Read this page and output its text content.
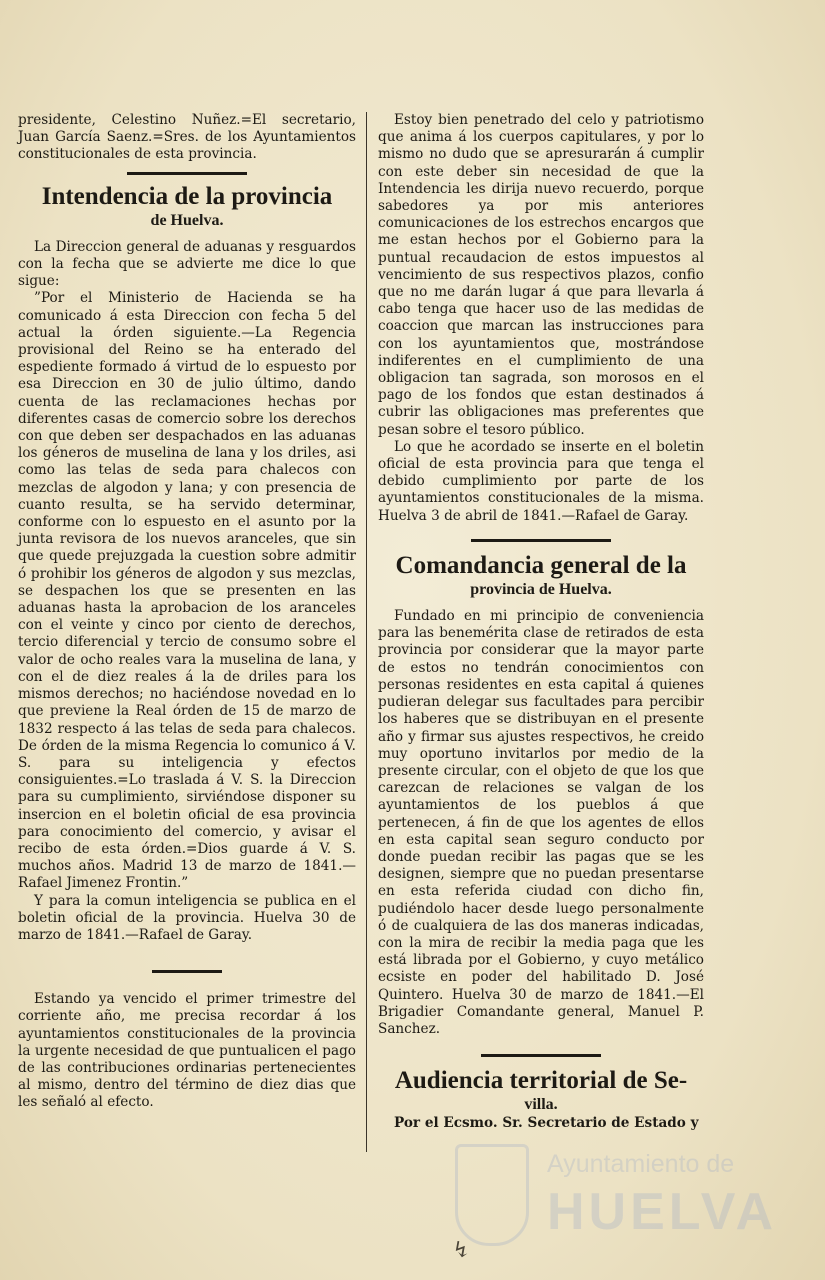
presidente, Celestino Nuñez.=El secretario, Juan García Saenz.=Sres. de los Ayuntamientos constitucionales de esta provincia.

Intendencia de la provincia
de Huelva.

La Direccion general de aduanas y resguardos con la fecha que se advierte me dice lo que sigue:

”Por el Ministerio de Hacienda se ha comunicado á esta Direccion con fecha 5 del actual la órden siguiente.—La Regencia provisional del Reino se ha enterado del espediente formado á virtud de lo espuesto por esa Direccion en 30 de julio último, dando cuenta de las reclamaciones hechas por diferentes casas de comercio sobre los derechos con que deben ser despachados en las aduanas los géneros de muselina de lana y los driles, asi como las telas de seda para chalecos con mezclas de algodon y lana; y con presencia de cuanto resulta, se ha servido determinar, conforme con lo espuesto en el asunto por la junta revisora de los nuevos aranceles, que sin que quede prejuzgada la cuestion sobre admitir ó prohibir los géneros de algodon y sus mezclas, se despachen los que se presenten en las aduanas hasta la aprobacion de los aranceles con el veinte y cinco por ciento de derechos, tercio diferencial y tercio de consumo sobre el valor de ocho reales vara la muselina de lana, y con el de diez reales á la de driles para los mismos derechos; no haciéndose novedad en lo que previene la Real órden de 15 de marzo de 1832 respecto á las telas de seda para chalecos. De órden de la misma Regencia lo comunico á V. S. para su inteligencia y efectos consiguientes.=Lo traslada á V. S. la Direccion para su cumplimiento, sirviéndose disponer su insercion en el boletin oficial de esa provincia para conocimiento del comercio, y avisar el recibo de esta órden.=Dios guarde á V. S. muchos años. Madrid 13 de marzo de 1841.—Rafael Jimenez Frontin.”

Y para la comun inteligencia se publica en el boletin oficial de la provincia. Huelva 30 de marzo de 1841.—Rafael de Garay.

Estando ya vencido el primer trimestre del corriente año, me precisa recordar á los ayuntamientos constitucionales de la provincia la urgente necesidad de que puntualicen el pago de las contribuciones ordinarias pertenecientes al mismo, dentro del término de diez dias que les señaló al efecto.

Estoy bien penetrado del celo y patriotismo que anima á los cuerpos capitulares, y por lo mismo no dudo que se apresurarán á cumplir con este deber sin necesidad de que la Intendencia les dirija nuevo recuerdo, porque sabedores ya por mis anteriores comunicaciones de los estrechos encargos que me estan hechos por el Gobierno para la puntual recaudacion de estos impuestos al vencimiento de sus respectivos plazos, confio que no me darán lugar á que para llevarla á cabo tenga que hacer uso de las medidas de coaccion que marcan las instrucciones para con los ayuntamientos que, mostrándose indiferentes en el cumplimiento de una obligacion tan sagrada, son morosos en el pago de los fondos que estan destinados á cubrir las obligaciones mas preferentes que pesan sobre el tesoro público.

Lo que he acordado se inserte en el boletin oficial de esta provincia para que tenga el debido cumplimiento por parte de los ayuntamientos constitucionales de la misma. Huelva 3 de abril de 1841.—Rafael de Garay.

Comandancia general de la
provincia de Huelva.

Fundado en mi principio de conveniencia para las benemérita clase de retirados de esta provincia por considerar que la mayor parte de estos no tendrán conocimientos con personas residentes en esta capital á quienes pudieran delegar sus facultades para percibir los haberes que se distribuyan en el presente año y firmar sus ajustes respectivos, he creido muy oportuno invitarlos por medio de la presente circular, con el objeto de que los que carezcan de relaciones se valgan de los ayuntamientos de los pueblos á que pertenecen, á fin de que los agentes de ellos en esta capital sean seguro conducto por donde puedan recibir las pagas que se les designen, siempre que no puedan presentarse en esta referida ciudad con dicho fin, pudiéndolo hacer desde luego personalmente ó de cualquiera de las dos maneras indicadas, con la mira de recibir la media paga que les está librada por el Gobierno, y cuyo metálico ecsiste en poder del habilitado D. José Quintero. Huelva 30 de marzo de 1841.—El Brigadier Comandante general, Manuel P. Sanchez.

Audiencia territorial de Se-
villa.

Por el Ecsmo. Sr. Secretario de Estado y

Ayuntamiento de
HUELVA
↯
